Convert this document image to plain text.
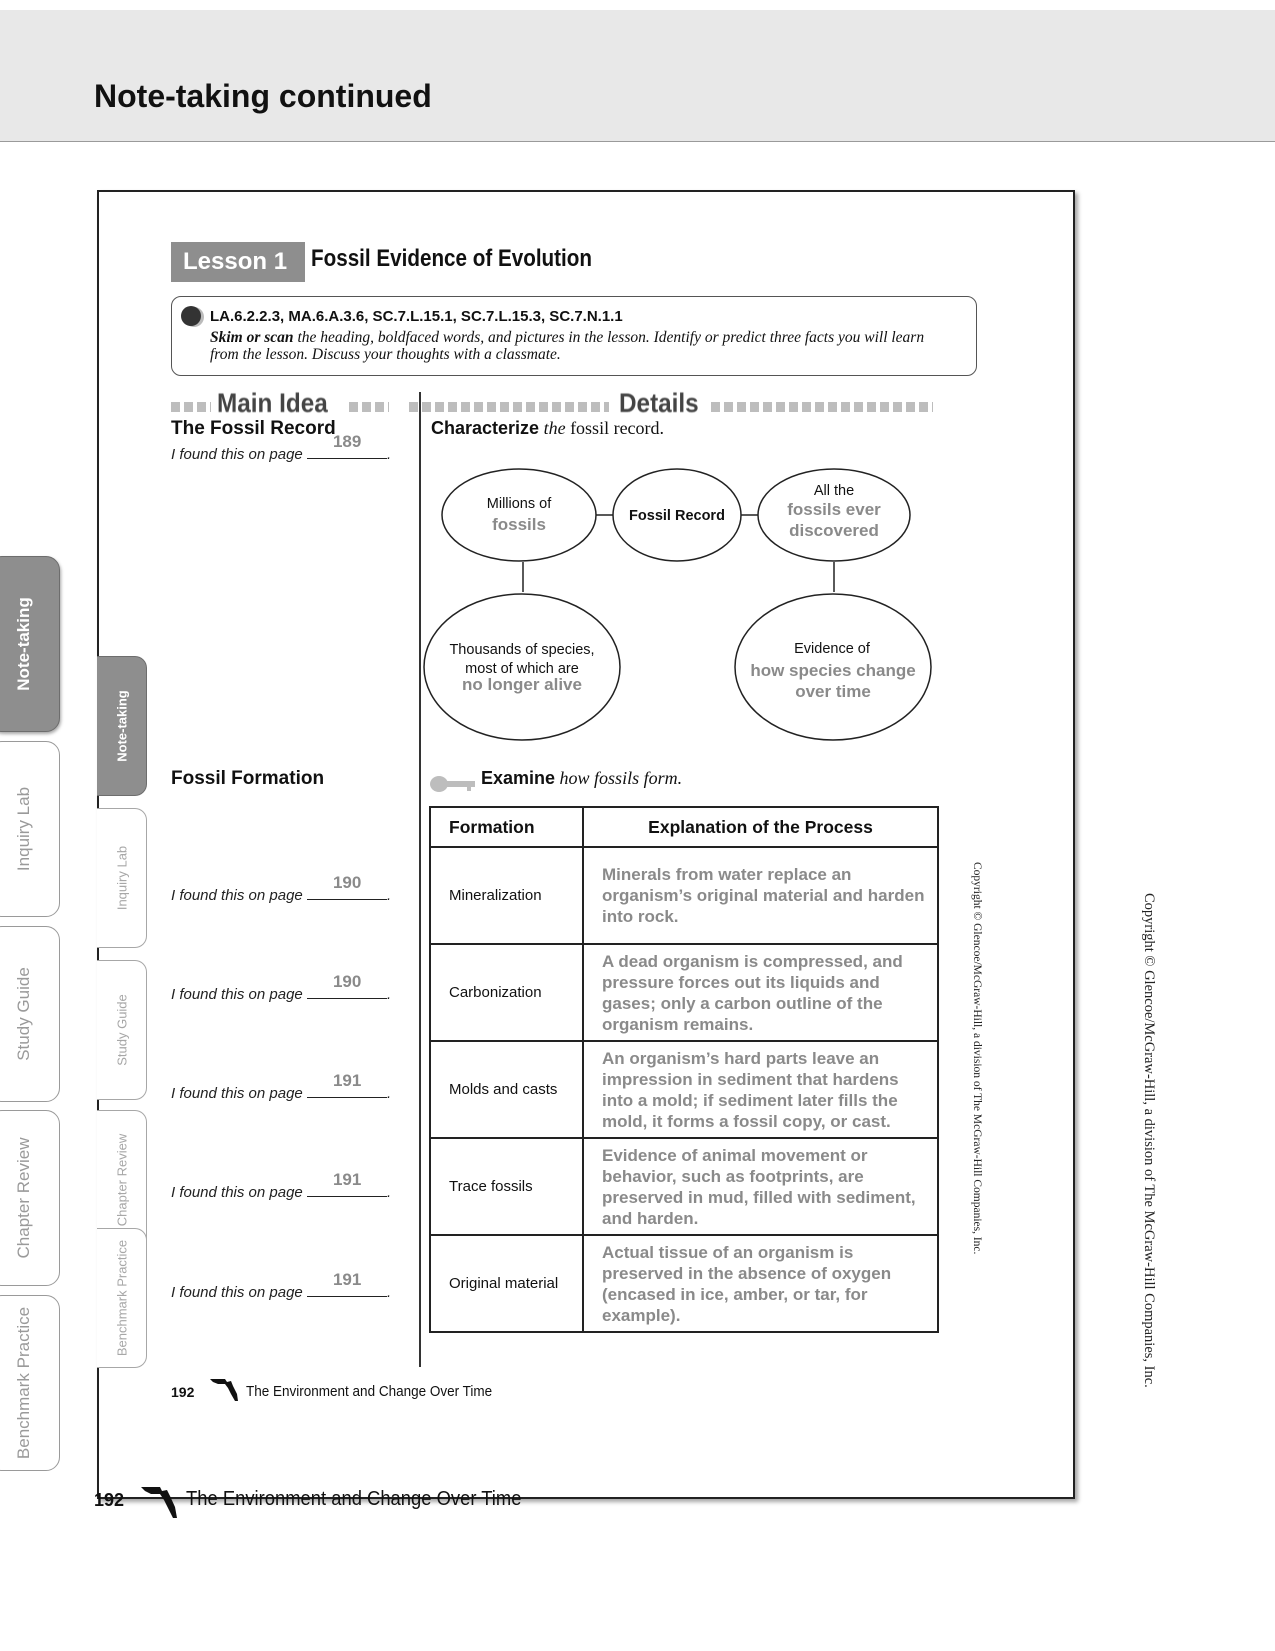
Note-taking continued
Note-taking
Inquiry Lab
Study Guide
Chapter Review
Benchmark Practice
Note-taking
Inquiry Lab
Study Guide
Chapter Review
Benchmark Practice
Lesson 1 Fossil Evidence of Evolution
LA.6.2.2.3, MA.6.A.3.6, SC.7.L.15.1, SC.7.L.15.3, SC.7.N.1.1
Skim or scan the heading, boldfaced words, and pictures in the lesson. Identify or predict three facts you will learn from the lesson. Discuss your thoughts with a classmate.
Main Idea	Details
The Fossil Record
I found this on page
189
.
Characterize the fossil record.
Millions of
fossils	Fossil Record
All the
fossils ever discovered
Thousands of species, most of which are
no longer alive
Evidence of
how species change over time
Fossil Formation	Examine how fossils form.
I found this on page
190
.
I found this on page
190
.
I found this on page
191
.
I found this on page
191
.
I found this on page
191
.
Formation	Explanation of the Process
Mineralization	Minerals from water replace an organism’s original material and harden into rock.
Carbonization	A dead organism is compressed, and pressure forces out its liquids and gases; only a carbon outline of the organism remains.
Molds and casts	An organism’s hard parts leave an impression in sediment that hardens into a mold; if sediment later fills the mold, it forms a fossil copy, or cast.
Trace fossils	Evidence of animal movement or behavior, such as footprints, are preserved in mud, filled with sediment, and harden.
Original material	Actual tissue of an organism is preserved in the absence of oxygen (encased in ice, amber, or tar, for example).
192	The Environment and Change Over Time
Copyright © Glencoe/McGraw-Hill, a division of The McGraw-Hill Companies, Inc.	Copyright © Glencoe/McGraw-Hill, a division of The McGraw-Hill Companies, Inc.
192	The Environment and Change Over Time
